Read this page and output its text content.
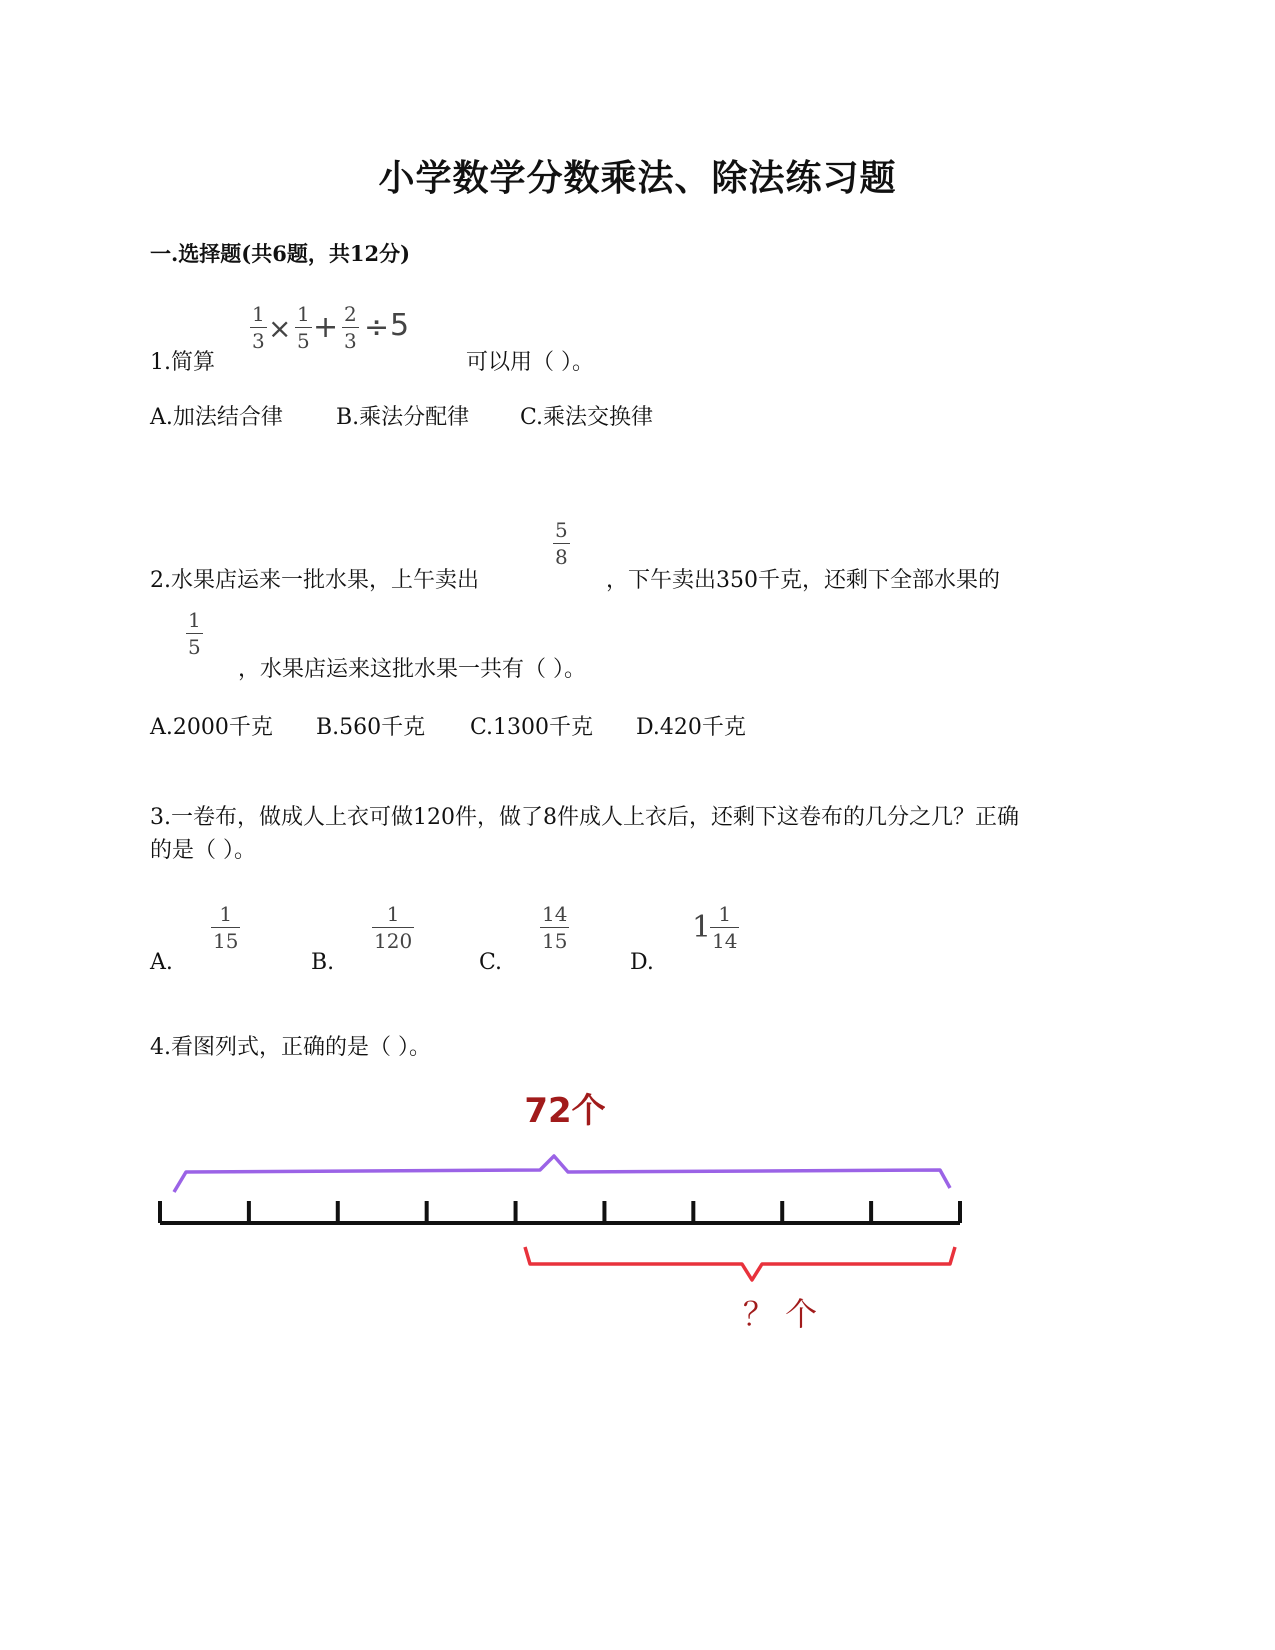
小学数学分数乘法、除法练习题
一.选择题(共6题，共12分)
1.简算
1
3 × 1
5 + 2
3 ÷ 5
可以用（ ）。
A.加法结合律 B.乘法分配律 C.乘法交换律
2.水果店运来一批水果，上午卖出
5
8
，下午卖出350千克，还剩下全部水果的
1
5
，水果店运来这批水果一共有（ ）。
A.2000千克 B.560千克 C.1300千克 D.420千克
3.一卷布，做成人上衣可做120件，做了8件成人上衣后，还剩下这卷布的几分之几？正确
的是（ ）。
A.
1
15
B.
1
120
C.
14
15
D.
1 1
14
4.看图列式，正确的是（ ）。
72个
？ 个
